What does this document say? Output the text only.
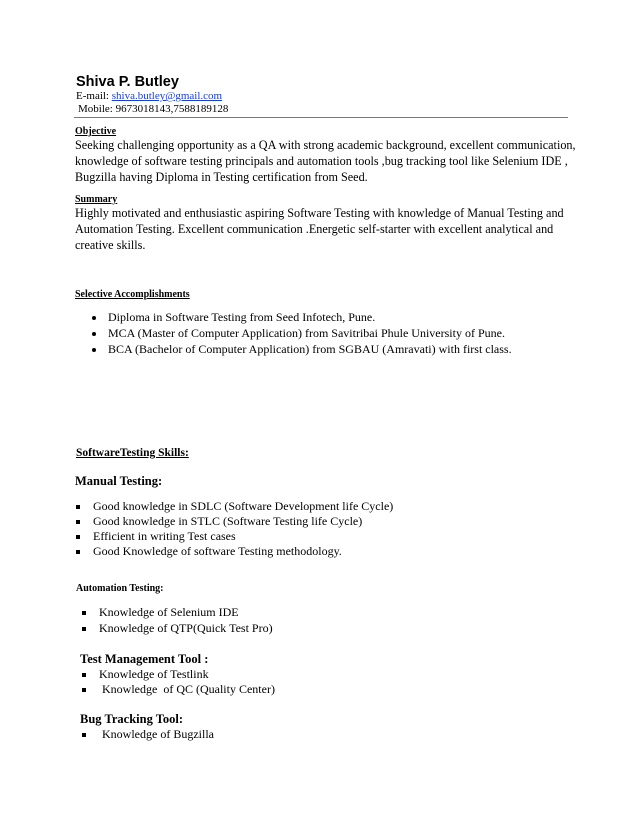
Shiva P. Butley
E-mail: shiva.butley@gmail.com
Mobile: 9673018143,7588189128
Objective
Seeking challenging opportunity as a QA with strong academic background, excellent communication,
knowledge of software testing principals and automation tools ,bug tracking tool like Selenium IDE ,
Bugzilla having Diploma in Testing certification from Seed.
Summary
Highly motivated and enthusiastic aspiring Software Testing with knowledge of Manual Testing and
Automation Testing. Excellent communication .Energetic self-starter with excellent analytical and
creative skills.
Selective Accomplishments
Diploma in Software Testing from Seed Infotech, Pune.
MCA (Master of Computer Application) from Savitribai Phule University of Pune.
BCA (Bachelor of Computer Application) from SGBAU (Amravati) with first class.
SoftwareTesting Skills:
Manual Testing:
Good knowledge in SDLC (Software Development life Cycle)
Good knowledge in STLC (Software Testing life Cycle)
Efficient in writing Test cases
Good Knowledge of software Testing methodology.
Automation Testing:
Knowledge of Selenium IDE
Knowledge of QTP(Quick Test Pro)
Test Management Tool :
Knowledge of Testlink
Knowledge  of QC (Quality Center)
Bug Tracking Tool:
Knowledge of Bugzilla
